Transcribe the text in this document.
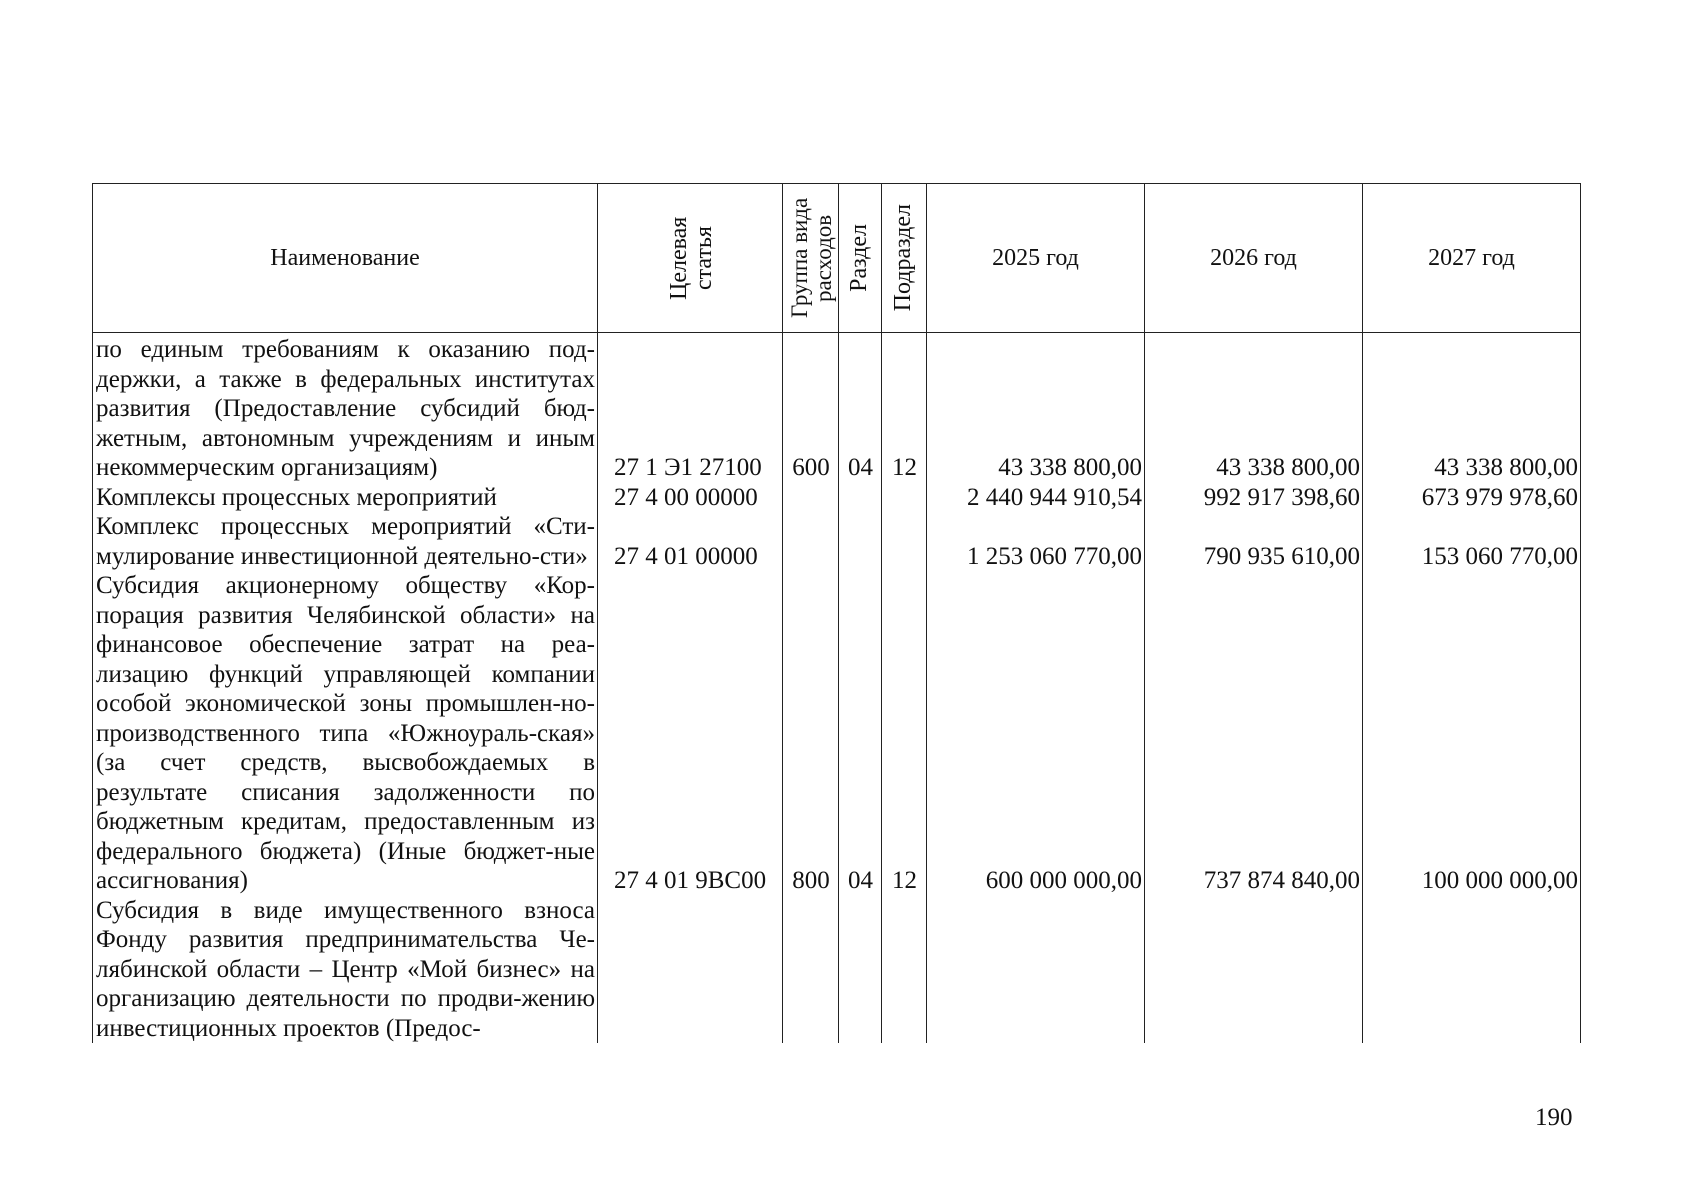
Наименование	Целевая статья	Группа вида расходов	Раздел	Подраздел	2025 год	2026 год	2027 год
по единым требованиям к оказанию под-держки, а также в федеральных институтах развития (Предоставление субсидий бюд-жетным, автономным учреждениям и иным некоммерческим организациям)	27 1 Э1 27100	600	04	12	43 338 800,00	43 338 800,00	43 338 800,00
Комплексы процессных мероприятий	27 4 00 00000				2 440 944 910,54	992 917 398,60	673 979 978,60
Комплекс процессных мероприятий «Сти-мулирование инвестиционной деятельно-сти»	27 4 01 00000				1 253 060 770,00	790 935 610,00	153 060 770,00
Субсидия акционерному обществу «Кор-порация развития Челябинской области» на финансовое обеспечение затрат на реа-лизацию функций управляющей компании особой экономической зоны промышлен-но-производственного типа «Южноураль-ская» (за счет средств, высвобождаемых в результате списания задолженности по бюджетным кредитам, предоставленным из федерального бюджета) (Иные бюджет-ные ассигнования)	27 4 01 9ВС00	800	04	12	600 000 000,00	737 874 840,00	100 000 000,00
Субсидия в виде имущественного взноса Фонду развития предпринимательства Че-лябинской области – Центр «Мой бизнес» на организацию деятельности по продви-жению инвестиционных проектов (Предос-							
190
